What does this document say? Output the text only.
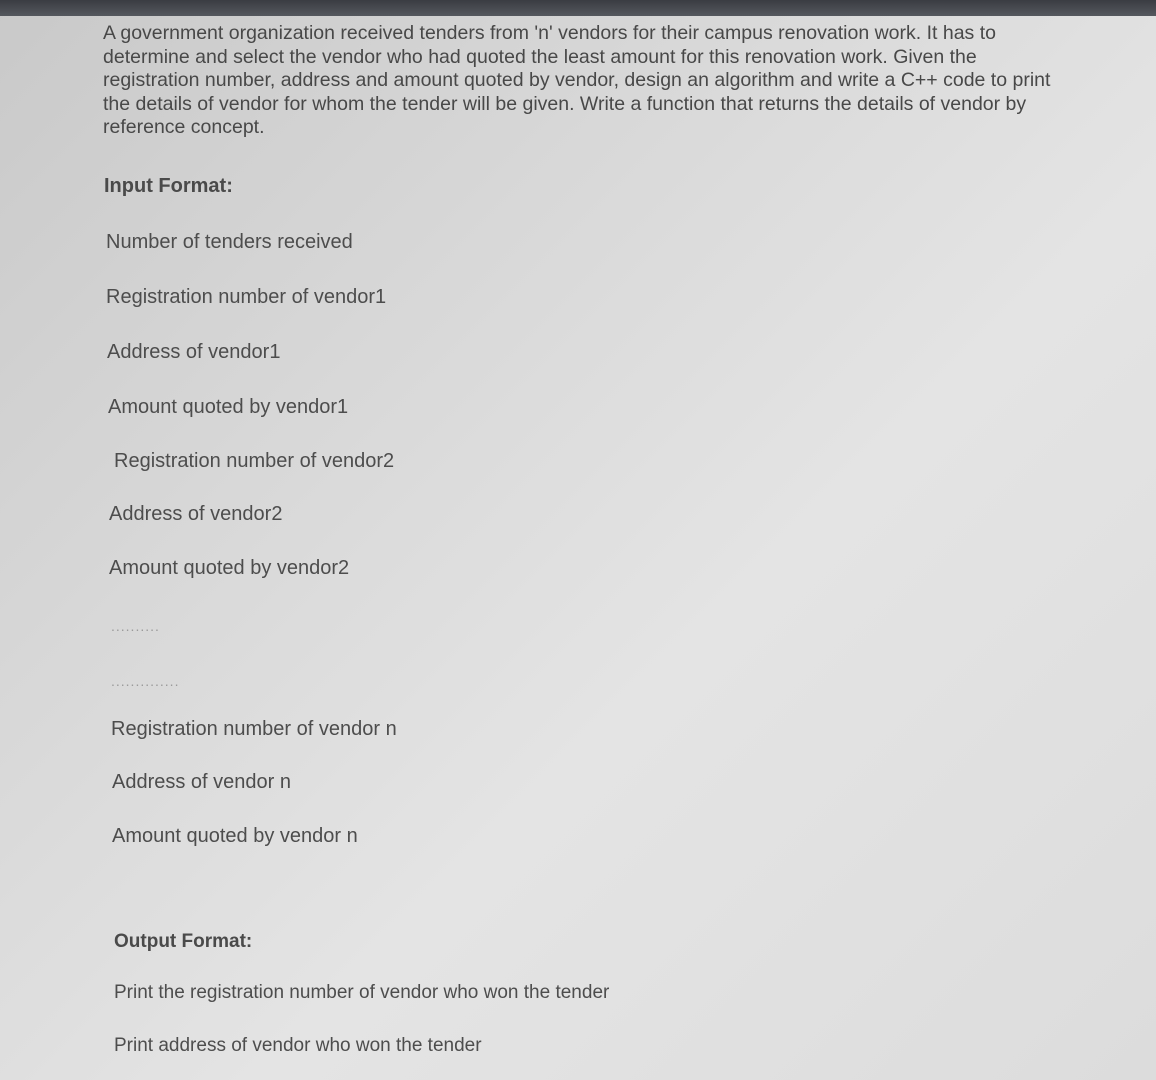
A government organization received tenders from 'n' vendors for their campus renovation work. It has to determine and select the vendor who had quoted the least amount for this renovation work. Given the registration number, address and amount quoted by vendor, design an algorithm and write a C++ code to print the details of vendor for whom the tender will be given. Write a function that returns the details of vendor by reference concept.

Input Format:
Number of tenders received
Registration number of vendor1
Address of vendor1
Amount quoted by vendor1
Registration number of vendor2
Address of vendor2
Amount quoted by vendor2
..........
..............
Registration number of vendor n
Address of vendor n
Amount quoted by vendor n
Output Format:
Print the registration number of vendor who won the tender
Print address of vendor who won the tender
